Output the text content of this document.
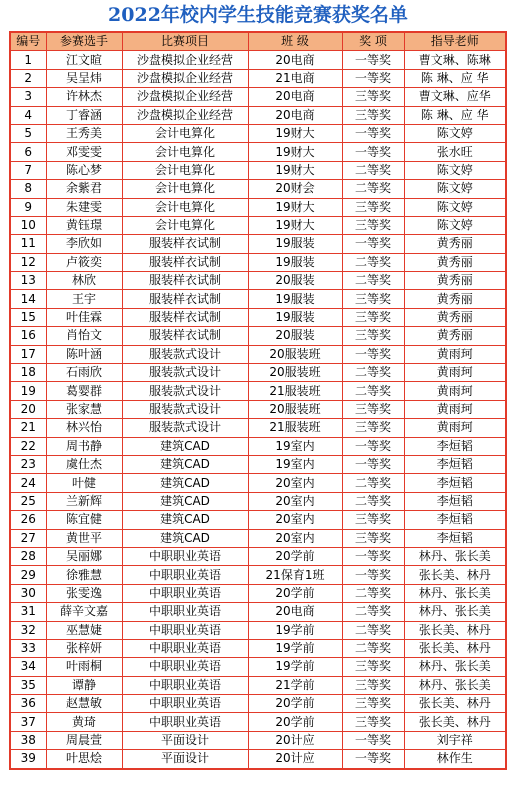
2022年校内学生技能竞赛获奖名单
编号	参赛选手	比赛项目	班 级	奖 项	指导老师
1	江文暄	沙盘模拟企业经营	20电商	一等奖	曹文琳、陈琳
2	吴呈炜	沙盘模拟企业经营	21电商	一等奖	陈 琳、应 华
3	许林杰	沙盘模拟企业经营	20电商	三等奖	曹文琳、应华
4	丁睿涵	沙盘模拟企业经营	20电商	三等奖	陈 琳、应 华
5	王秀美	会计电算化	19财大	一等奖	陈文婷
6	邓雯雯	会计电算化	19财大	一等奖	张水旺
7	陈心梦	会计电算化	19财大	二等奖	陈文婷
8	余紫君	会计电算化	20财会	二等奖	陈文婷
9	朱建雯	会计电算化	19财大	三等奖	陈文婷
10	黄钰璟	会计电算化	19财大	三等奖	陈文婷
11	李欣如	服装样衣试制	19服装	一等奖	黄秀丽
12	卢筱奕	服装样衣试制	19服装	二等奖	黄秀丽
13	林欣	服装样衣试制	20服装	二等奖	黄秀丽
14	王宇	服装样衣试制	19服装	三等奖	黄秀丽
15	叶佳霖	服装样衣试制	19服装	三等奖	黄秀丽
16	肖怡文	服装样衣试制	20服装	三等奖	黄秀丽
17	陈叶涵	服装款式设计	20服装班	一等奖	黄雨珂
18	石雨欣	服装款式设计	20服装班	二等奖	黄雨珂
19	葛婴群	服装款式设计	21服装班	二等奖	黄雨珂
20	张家慧	服装款式设计	20服装班	三等奖	黄雨珂
21	林兴怡	服装款式设计	21服装班	三等奖	黄雨珂
22	周书静	建筑CAD	19室内	一等奖	李烜韬
23	虞仕杰	建筑CAD	19室内	一等奖	李烜韬
24	叶健	建筑CAD	20室内	二等奖	李烜韬
25	兰新辉	建筑CAD	20室内	二等奖	李烜韬
26	陈宜健	建筑CAD	20室内	三等奖	李烜韬
27	黄世平	建筑CAD	20室内	三等奖	李烜韬
28	吴丽娜	中职职业英语	20学前	一等奖	林丹、张长美
29	徐雅慧	中职职业英语	21保育1班	一等奖	张长美、林丹
30	张雯逸	中职职业英语	20学前	二等奖	林丹、张长美
31	薛辛文嘉	中职职业英语	20电商	二等奖	林丹、张长美
32	巫慧婕	中职职业英语	19学前	二等奖	张长美、林丹
33	张梓妍	中职职业英语	19学前	二等奖	张长美、林丹
34	叶雨桐	中职职业英语	19学前	三等奖	林丹、张长美
35	谭静	中职职业英语	21学前	三等奖	林丹、张长美
36	赵慧敏	中职职业英语	20学前	三等奖	张长美、林丹
37	黄琦	中职职业英语	20学前	三等奖	张长美、林丹
38	周晨萱	平面设计	20计应	一等奖	刘宇祥
39	叶思烩	平面设计	20计应	一等奖	林作生
